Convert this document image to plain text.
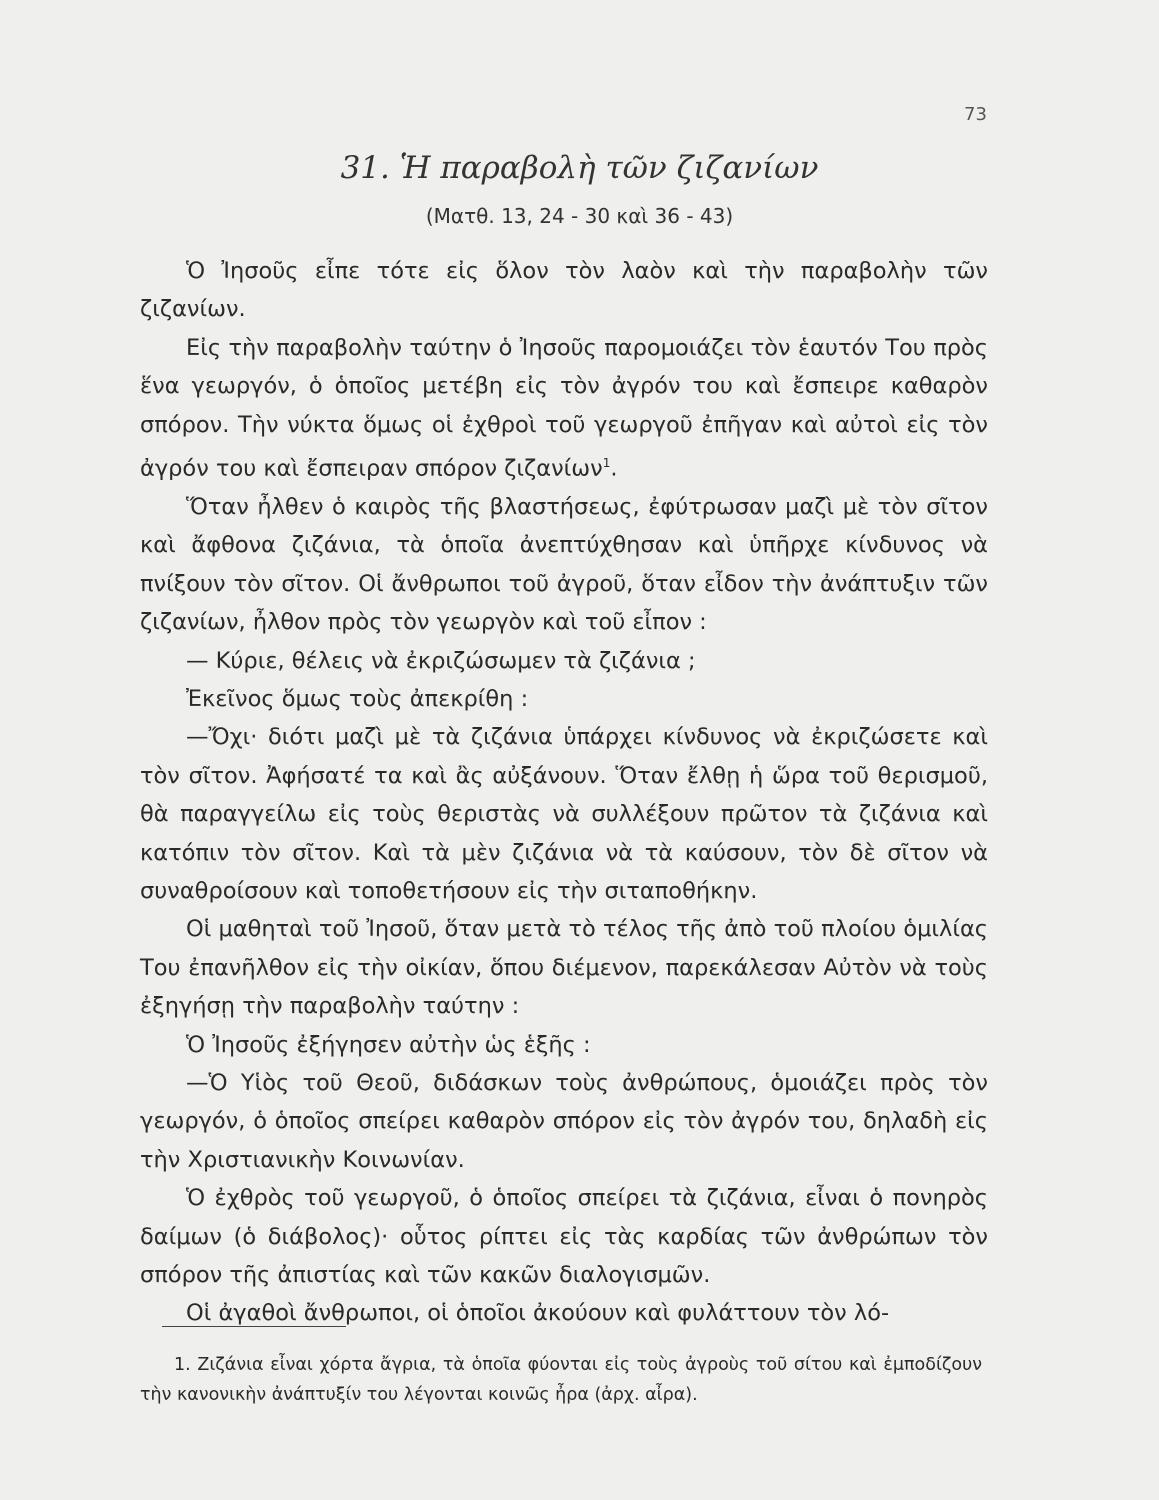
73
31. Ἡ παραβολὴ τῶν ζιζανίων
(Ματθ. 13, 24 - 30 καὶ 36 - 43)

Ὁ Ἰησοῦς εἶπε τότε εἰς ὅλον τὸν λαὸν καὶ τὴν παραβολὴν τῶν ζιζανίων.

Εἰς τὴν παραβολὴν ταύτην ὁ Ἰησοῦς παρομοιάζει τὸν ἑαυτόν Του πρὸς ἕνα γεωργόν, ὁ ὁποῖος μετέβη εἰς τὸν ἀγρόν του καὶ ἔσπειρε καθαρὸν σπόρον. Τὴν νύκτα ὅμως οἱ ἐχθροὶ τοῦ γεωργοῦ ἐπῆγαν καὶ αὐτοὶ εἰς τὸν ἀγρόν του καὶ ἔσπειραν σπόρον ζιζανίων$^1$.

Ὅταν ἦλθεν ὁ καιρὸς τῆς βλαστήσεως, ἐφύτρωσαν μαζὶ μὲ τὸν σῖτον καὶ ἄφθονα ζιζάνια, τὰ ὁποῖα ἀνεπτύχθησαν καὶ ὑπῆρχε κίνδυνος νὰ πνίξουν τὸν σῖτον. Οἱ ἄνθρωποι τοῦ ἀγροῦ, ὅταν εἶδον τὴν ἀνάπτυξιν τῶν ζιζανίων, ἦλθον πρὸς τὸν γεωργὸν καὶ τοῦ εἶπον :

— Κύριε, θέλεις νὰ ἐκριζώσωμεν τὰ ζιζάνια ;

Ἐκεῖνος ὅμως τοὺς ἀπεκρίθη :

—Ὄχι· διότι μαζὶ μὲ τὰ ζιζάνια ὑπάρχει κίνδυνος νὰ ἐκριζώσετε καὶ τὸν σῖτον. Ἀφήσατέ τα καὶ ἂς αὐξάνουν. Ὅταν ἔλθῃ ἡ ὥρα τοῦ θερισμοῦ, θὰ παραγγείλω εἰς τοὺς θεριστὰς νὰ συλλέξουν πρῶτον τὰ ζιζάνια καὶ κατόπιν τὸν σῖτον. Καὶ τὰ μὲν ζιζάνια νὰ τὰ καύσουν, τὸν δὲ σῖτον νὰ συναθροίσουν καὶ τοποθετήσουν εἰς τὴν σιταποθήκην.

Οἱ μαθηταὶ τοῦ Ἰησοῦ, ὅταν μετὰ τὸ τέλος τῆς ἀπὸ τοῦ πλοίου ὁμιλίας Του ἐπανῆλθον εἰς τὴν οἰκίαν, ὅπου διέμενον, παρεκάλεσαν Αὐτὸν νὰ τοὺς ἐξηγήσῃ τὴν παραβολὴν ταύτην :

Ὁ Ἰησοῦς ἐξήγησεν αὐτὴν ὡς ἑξῆς :

—Ὁ Υἱὸς τοῦ Θεοῦ, διδάσκων τοὺς ἀνθρώπους, ὁμοιάζει πρὸς τὸν γεωργόν, ὁ ὁποῖος σπείρει καθαρὸν σπόρον εἰς τὸν ἀγρόν του, δηλαδὴ εἰς τὴν Χριστιανικὴν Κοινωνίαν.

Ὁ ἐχθρὸς τοῦ γεωργοῦ, ὁ ὁποῖος σπείρει τὰ ζιζάνια, εἶναι ὁ πονηρὸς δαίμων (ὁ διάβολος)· οὗτος ρίπτει εἰς τὰς καρδίας τῶν ἀνθρώπων τὸν σπόρον τῆς ἀπιστίας καὶ τῶν κακῶν διαλογισμῶν.

Οἱ ἀγαθοὶ ἄνθρωποι, οἱ ὁποῖοι ἀκούουν καὶ φυλάττουν τὸν λό-

1. Ζιζάνια εἶναι χόρτα ἄγρια, τὰ ὁποῖα φύονται εἰς τοὺς ἀγροὺς τοῦ σίτου καὶ ἐμποδίζουν τὴν κανονικὴν ἀνάπτυξίν του λέγονται κοινῶς ἦρα (ἀρχ. αἶρα).
